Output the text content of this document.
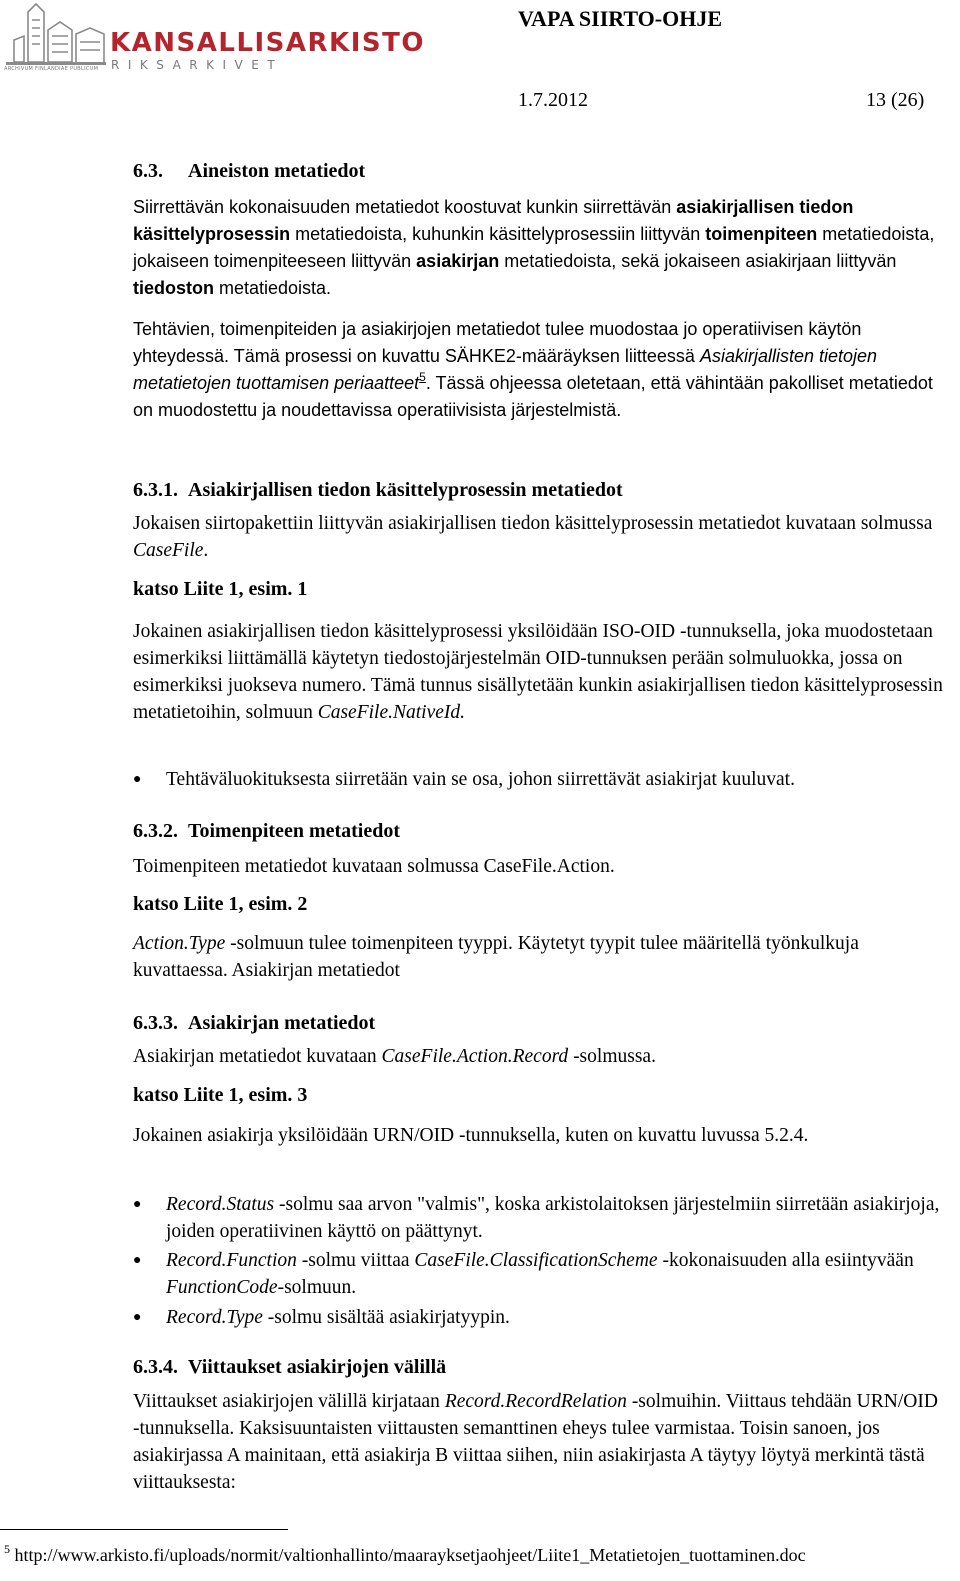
ARCHIVUM FINLANDIAE PUBLICUM
KANSALLISARKISTO
RIKSARKIVET
VAPA SIIRTO-OHJE
1.7.2012	13 (26)
6.3. Aineiston metatiedot

Siirrettävän kokonaisuuden metatiedot koostuvat kunkin siirrettävän asiakirjallisen tiedon käsittelyprosessin metatiedoista, kuhunkin käsittelyprosessiin liittyvän toimenpiteen metatiedoista, jokaiseen toimenpiteeseen liittyvän asiakirjan metatiedoista, sekä jokaiseen asiakirjaan liittyvän tiedoston metatiedoista.

Tehtävien, toimenpiteiden ja asiakirjojen metatiedot tulee muodostaa jo operatiivisen käytön yhteydessä. Tämä prosessi on kuvattu SÄHKE2-määräyksen liitteessä Asiakirjallisten tietojen metatietojen tuottamisen periaatteet$^5$. Tässä ohjeessa oletetaan, että vähintään pakolliset metatiedot on muodostettu ja noudettavissa operatiivisista järjestelmistä.

6.3.1. Asiakirjallisen tiedon käsittelyprosessin metatiedot

Jokaisen siirtopakettiin liittyvän asiakirjallisen tiedon käsittelyprosessin metatiedot kuvataan solmussa CaseFile.

katso Liite 1, esim. 1

Jokainen asiakirjallisen tiedon käsittelyprosessi yksilöidään ISO-OID -tunnuksella, joka muodostetaan esimerkiksi liittämällä käytetyn tiedostojärjestelmän OID-tunnuksen perään solmuluokka, jossa on esimerkiksi juokseva numero. Tämä tunnus sisällytetään kunkin asiakirjallisen tiedon käsittelyprosessin metatietoihin, solmuun CaseFile.NativeId.

● Tehtäväluokituksesta siirretään vain se osa, johon siirrettävät asiakirjat kuuluvat.

6.3.2. Toimenpiteen metatiedot

Toimenpiteen metatiedot kuvataan solmussa CaseFile.Action.

katso Liite 1, esim. 2

Action.Type -solmuun tulee toimenpiteen tyyppi. Käytetyt tyypit tulee määritellä työnkulkuja kuvattaessa. Asiakirjan metatiedot

6.3.3. Asiakirjan metatiedot

Asiakirjan metatiedot kuvataan CaseFile.Action.Record -solmussa.

katso Liite 1, esim. 3

Jokainen asiakirja yksilöidään URN/OID -tunnuksella, kuten on kuvattu luvussa 5.2.4.

● Record.Status -solmu saa arvon "valmis", koska arkistolaitoksen järjestelmiin siirretään asiakirjoja, joiden operatiivinen käyttö on päättynyt.

● Record.Function -solmu viittaa CaseFile.ClassificationScheme -kokonaisuuden alla esiintyvään FunctionCode-solmuun.

● Record.Type -solmu sisältää asiakirjatyypin.

6.3.4. Viittaukset asiakirjojen välillä

Viittaukset asiakirjojen välillä kirjataan Record.RecordRelation -solmuihin. Viittaus tehdään URN/OID -tunnuksella. Kaksisuuntaisten viittausten semanttinen eheys tulee varmistaa. Toisin sanoen, jos asiakirjassa A mainitaan, että asiakirja B viittaa siihen, niin asiakirjasta A täytyy löytyä merkintä tästä viittauksesta:

$^5$ http://www.arkisto.fi/uploads/normit/valtionhallinto/maarayksetjaohjeet/Liite1_Metatietojen_tuottaminen.doc
